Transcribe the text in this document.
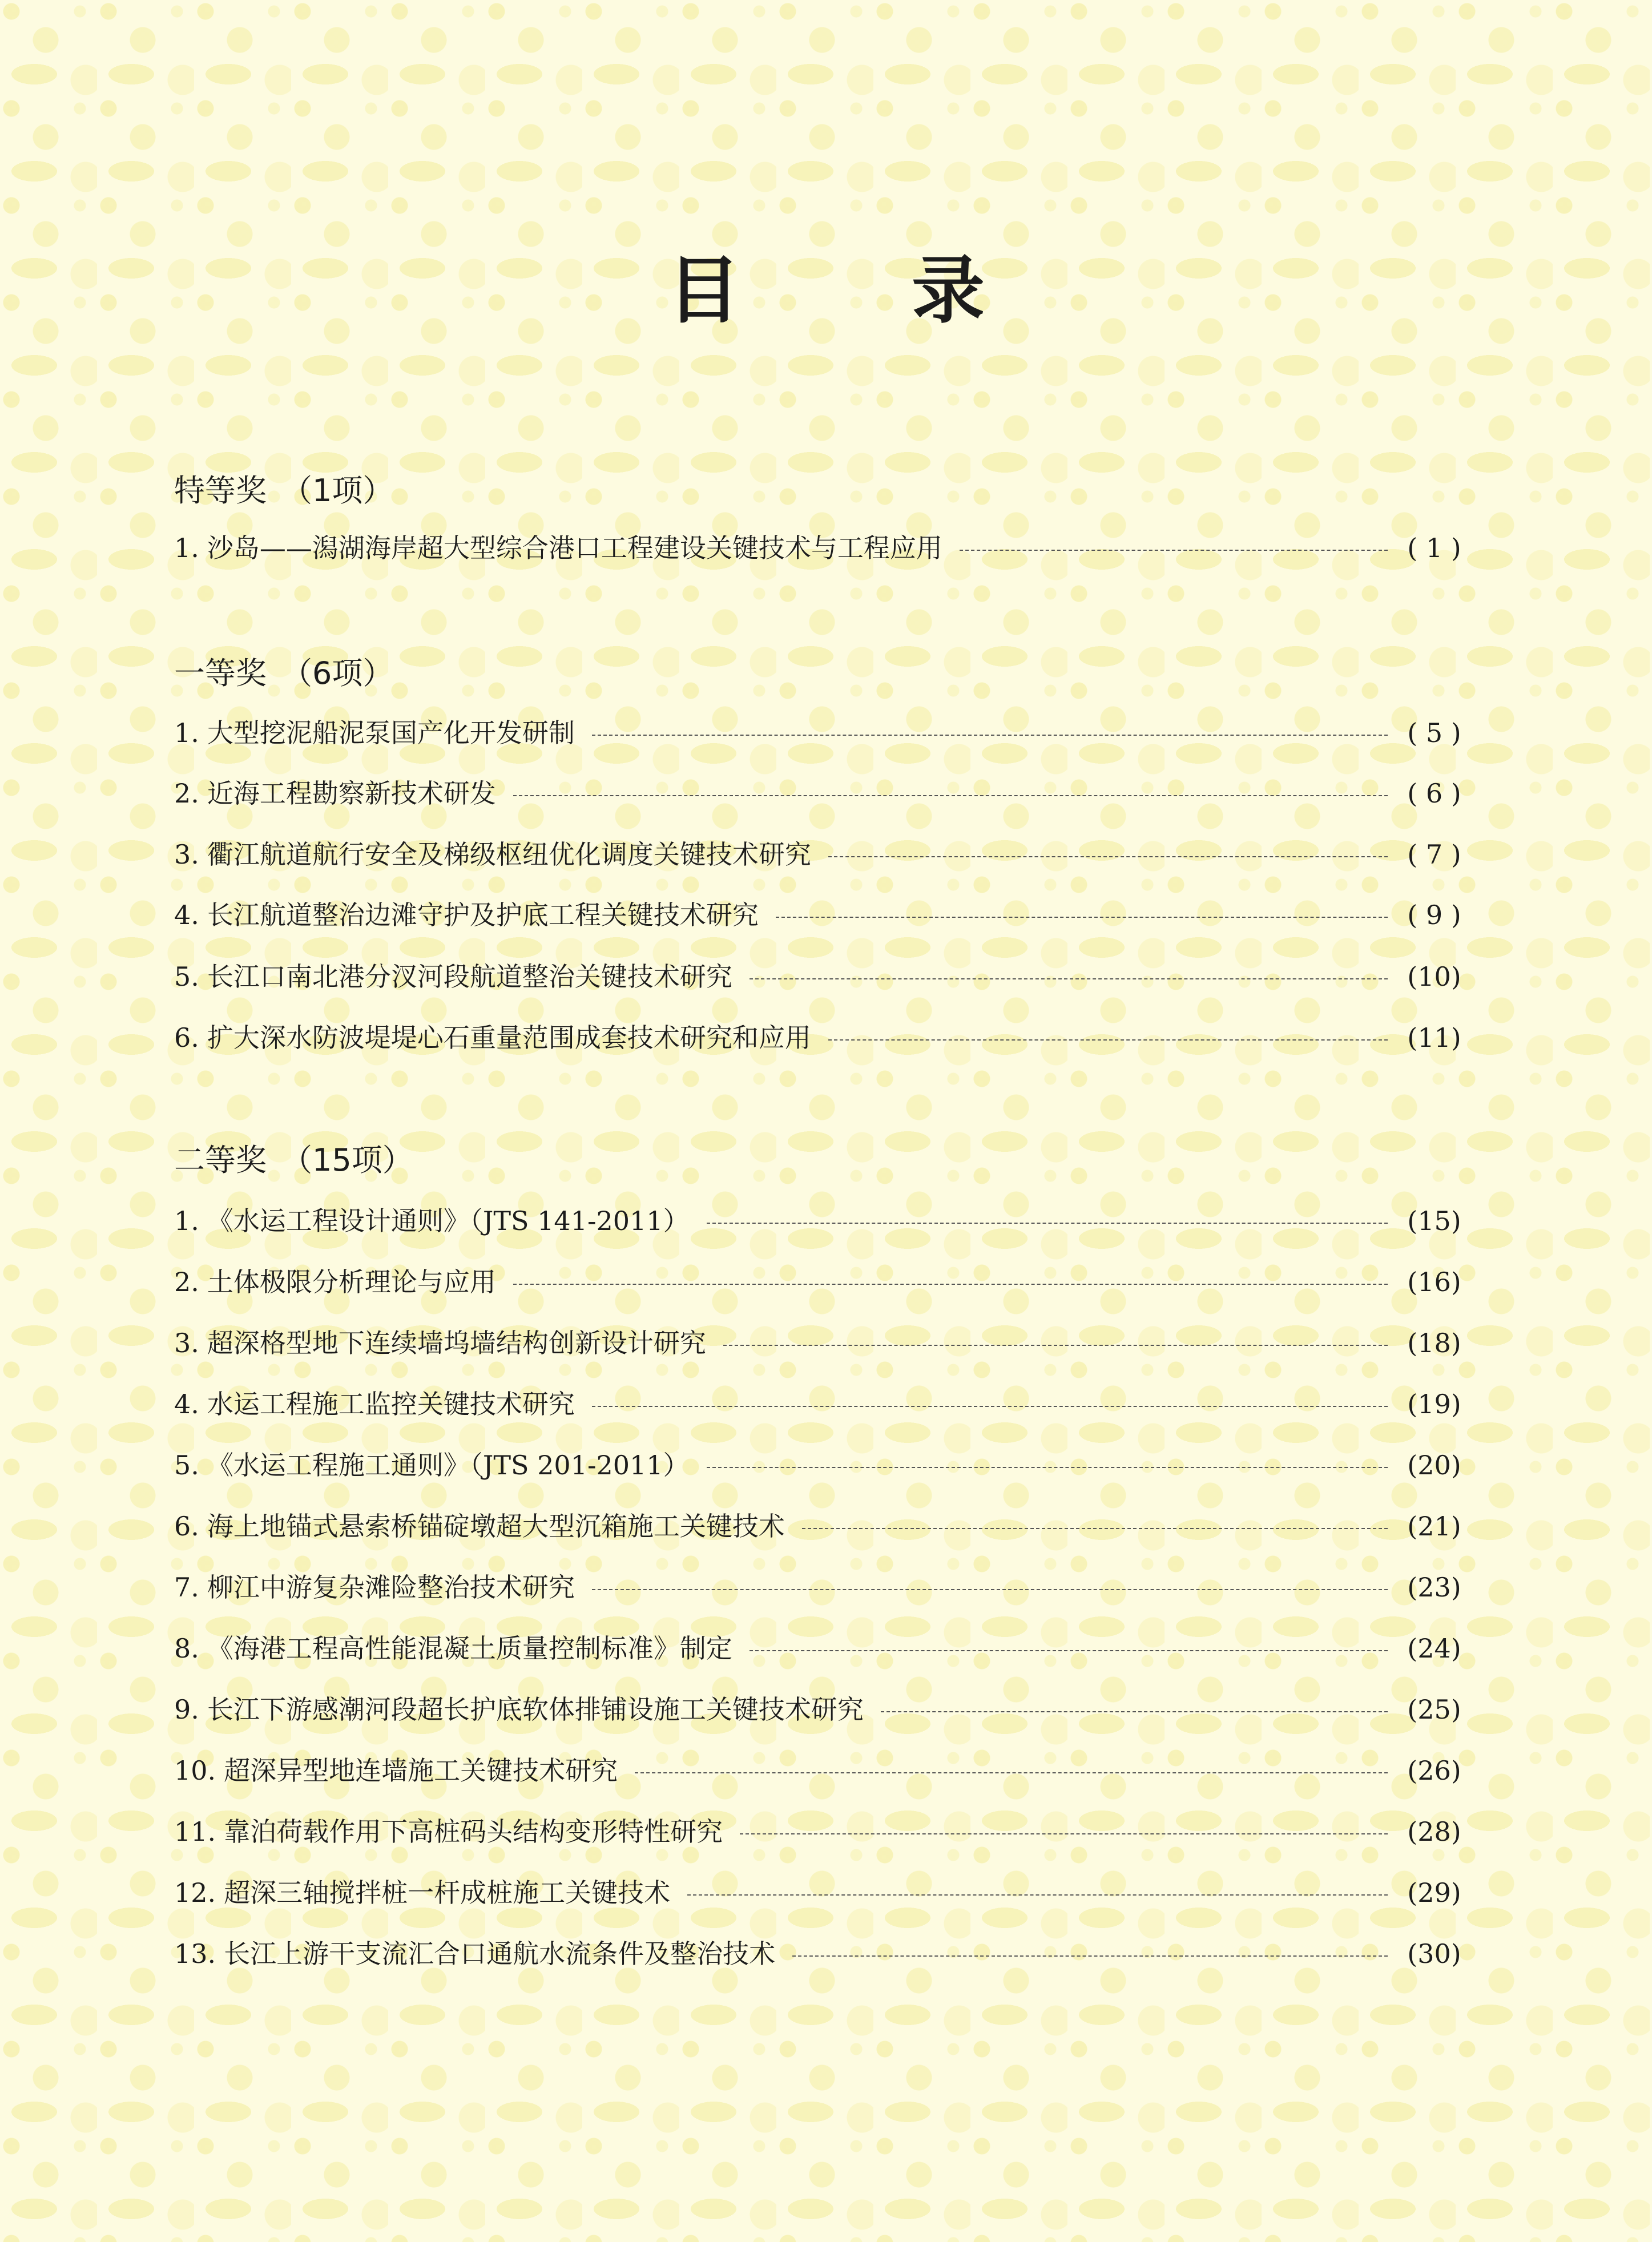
目 录
特等奖 （1项）
1. 沙岛——潟湖海岸超大型综合港口工程建设关键技术与工程应用	( 1 )
一等奖 （6项）
1. 大型挖泥船泥泵国产化开发研制	( 5 )
2. 近海工程勘察新技术研发	( 6 )
3. 衢江航道航行安全及梯级枢纽优化调度关键技术研究	( 7 )
4. 长江航道整治边滩守护及护底工程关键技术研究	( 9 )
5. 长江口南北港分汊河段航道整治关键技术研究	(10)
6. 扩大深水防波堤堤心石重量范围成套技术研究和应用	(11)
二等奖 （15项）
1. 《水运工程设计通则》（JTS 141-2011）	(15)
2. 土体极限分析理论与应用	(16)
3. 超深格型地下连续墙坞墙结构创新设计研究	(18)
4. 水运工程施工监控关键技术研究	(19)
5. 《水运工程施工通则》（JTS 201-2011）	(20)
6. 海上地锚式悬索桥锚碇墩超大型沉箱施工关键技术	(21)
7. 柳江中游复杂滩险整治技术研究	(23)
8. 《海港工程高性能混凝土质量控制标准》制定	(24)
9. 长江下游感潮河段超长护底软体排铺设施工关键技术研究	(25)
10. 超深异型地连墙施工关键技术研究	(26)
11. 靠泊荷载作用下高桩码头结构变形特性研究	(28)
12. 超深三轴搅拌桩一杆成桩施工关键技术	(29)
13. 长江上游干支流汇合口通航水流条件及整治技术	(30)
